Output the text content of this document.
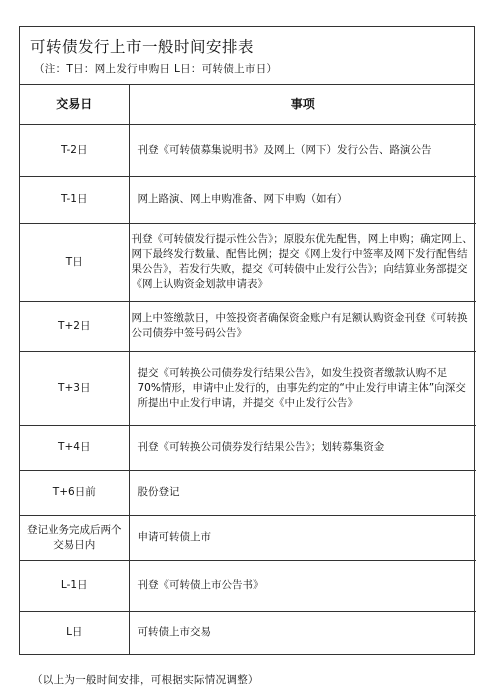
可转债发行上市一般时间安排表
（注：T日：网上发行申购日 L日：可转债上市日）
交易日	事项
T-2日	刊登《可转债募集说明书》及网上（网下）发行公告、路演公告
T-1日	网上路演、网上申购准备、网下申购（如有）
T日	刊登《可转债发行提示性公告》；原股东优先配售，网上申购；确定网上、网下最终发行数量、配售比例；提交《网上发行中签率及网下发行配售结果公告》，若发行失败，提交《可转债中止发行公告》；向结算业务部提交《网上认购资金划款申请表》
T+2日	网上中签缴款日，中签投资者确保资金账户有足额认购资金刊登《可转换公司债券中签号码公告》
T+3日	提交《可转换公司债券发行结果公告》，如发生投资者缴款认购不足70%情形，申请中止发行的，由事先约定的“中止发行申请主体”向深交所提出中止发行申请，并提交《中止发行公告》
T+4日	刊登《可转换公司债券发行结果公告》；划转募集资金
T+6日前	股份登记
登记业务完成后两个交易日内	申请可转债上市
L-1日	刊登《可转债上市公告书》
L日	可转债上市交易
（以上为一般时间安排，可根据实际情况调整）
